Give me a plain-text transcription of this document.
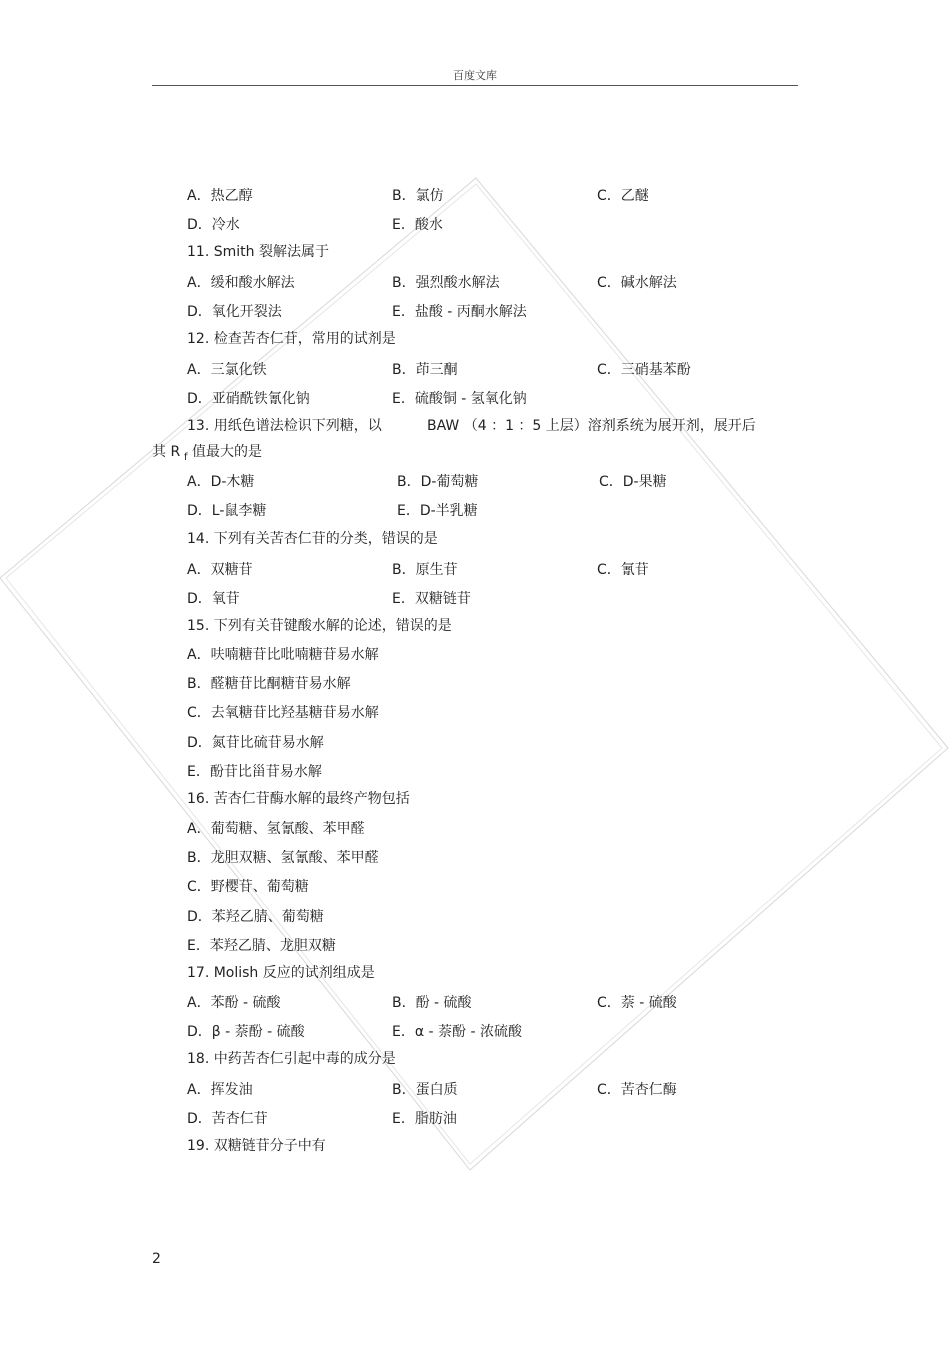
百度文库
A．热乙醇	B．氯仿	C．乙醚
D．冷水	E．酸水
11. Smith 裂解法属于
A．缓和酸水解法	B．强烈酸水解法	C．碱水解法
D．氧化开裂法	E．盐酸 - 丙酮水解法
12. 检查苦杏仁苷，常用的试剂是
A．三氯化铁	B．茚三酮	C．三硝基苯酚
D．亚硝酰铁氰化钠	E．硫酸铜 - 氢氧化钠
13. 用纸色谱法检识下列糖，以	BAW （4 ：1 ：5 上层）溶剂系统为展开剂，展开后
其 R f 值最大的是
A．D-木糖	B．D-葡萄糖	C．D-果糖
D．L-鼠李糖	E．D-半乳糖
14. 下列有关苦杏仁苷的分类，错误的是
A．双糖苷	B．原生苷	C．氰苷
D．氧苷	E．双糖链苷
15. 下列有关苷键酸水解的论述，错误的是
A．呋喃糖苷比吡喃糖苷易水解
B．醛糖苷比酮糖苷易水解
C．去氧糖苷比羟基糖苷易水解
D．氮苷比硫苷易水解
E．酚苷比甾苷易水解
16. 苦杏仁苷酶水解的最终产物包括
A．葡萄糖、氢氰酸、苯甲醛
B．龙胆双糖、氢氰酸、苯甲醛
C．野樱苷、葡萄糖
D．苯羟乙腈、葡萄糖
E．苯羟乙腈、龙胆双糖
17. Molish 反应的试剂组成是
A．苯酚 - 硫酸	B．酚 - 硫酸	C．萘 - 硫酸
D．β - 萘酚 - 硫酸	E．α - 萘酚 - 浓硫酸
18. 中药苦杏仁引起中毒的成分是
A．挥发油	B．蛋白质	C．苦杏仁酶
D．苦杏仁苷	E．脂肪油
19. 双糖链苷分子中有
2
